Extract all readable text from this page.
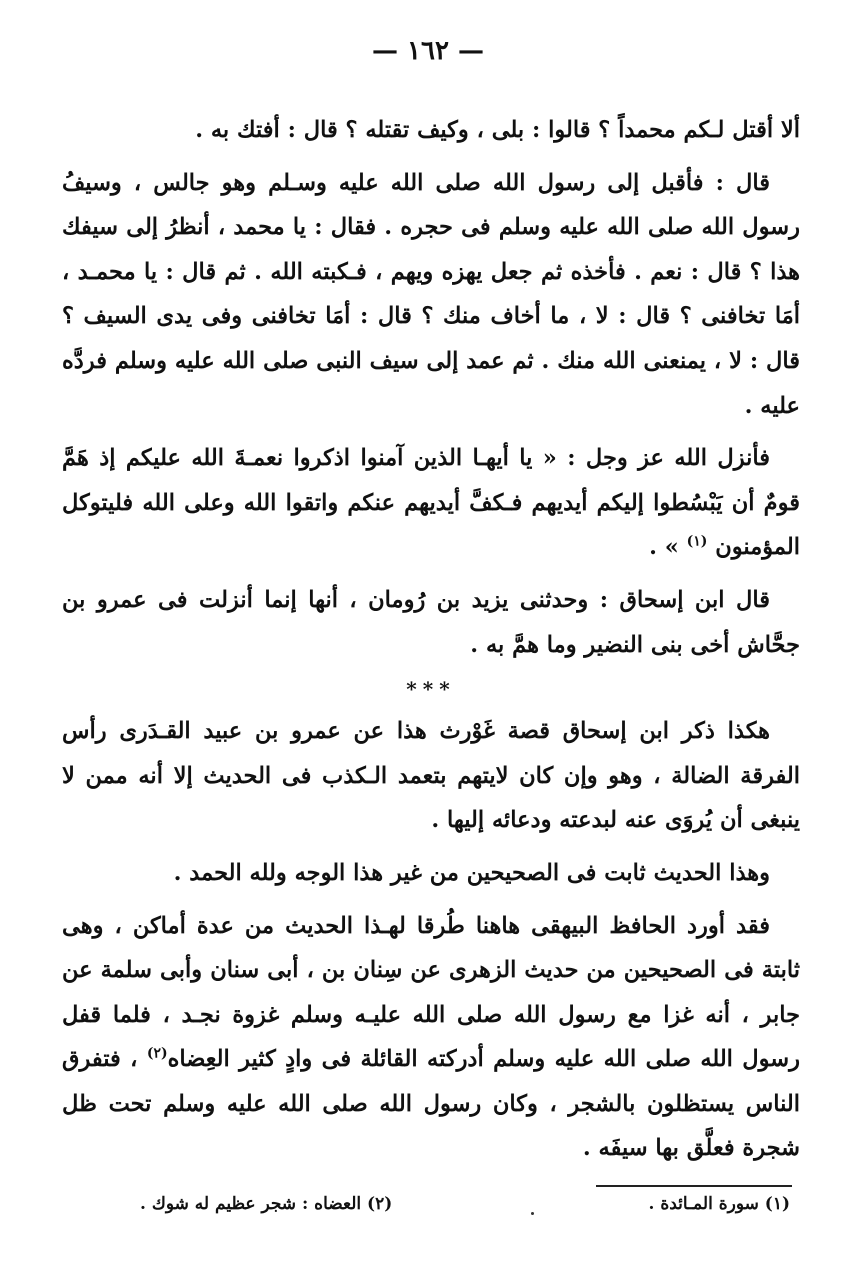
— ١٦٢ —

ألا أقتل لـكم محمداً ؟ قالوا : بلى ، وكيف تقتله ؟ قال : أفتك به .

قال : فأقبل إلى رسول الله صلى الله عليه وسـلم وهو جالس ، وسيفُ رسول الله صلى الله عليه وسلم فى حجره . فقال : يا محمد ، أنظرُ إلى سيفك هذا ؟ قال : نعم . فأخذه ثم جعل يهزه ويهم ، فـكبته الله . ثم قال : يا محمـد ، أمَا تخافنى ؟ قال : لا ، ما أخاف منك ؟ قال : أمَا تخافنى وفى يدى السيف ؟ قال : لا ، يمنعنى الله منك . ثم عمد إلى سيف النبى صلى الله عليه وسلم فردَّه عليه .

فأنزل الله عز وجل : « يا أيهـا الذين آمنوا اذكروا نعمـةَ الله عليكم إذ هَمَّ قومٌ أن يَبْسُطوا إليكم أيديهم فـكفَّ أيديهم عنكم واتقوا الله وعلى الله فليتوكل المؤمنون $^{(١)}$ » .

قال ابن إسحاق : وحدثنى يزيد بن رُومان ، أنها إنما أنزلت فى عمرو بن جحَّاش أخى بنى النضير وما همَّ به .

***

هكذا ذكر ابن إسحاق قصة غَوْرث هذا عن عمرو بن عبيد القـدَرى رأس الفرقة الضالة ، وهو وإن كان لايتهم بتعمد الـكذب فى الحديث إلا أنه ممن لا ينبغى أن يُروَى عنه لبدعته ودعائه إليها .

وهذا الحديث ثابت فى الصحيحين من غير هذا الوجه ولله الحمد .

فقد أورد الحافظ البيهقى هاهنا طُرقا لهـذا الحديث من عدة أماكن ، وهى ثابتة فى الصحيحين من حديث الزهرى عن سِنان بن ، أبى سنان وأبى سلمة عن جابر ، أنه غزا مع رسول الله صلى الله عليـه وسلم غزوة نجـد ، فلما قفل رسول الله صلى الله عليه وسلم أدركته القائلة فى وادٍ كثير العِضاه$^{(٢)}$ ، فتفرق الناس يستظلون بالشجر ، وكان رسول الله صلى الله عليه وسلم تحت ظل شجرة فعلَّق بها سيفَه .

(١) سورة المـائدة .
(٢) العضاه : شجر عظيم له شوك .
